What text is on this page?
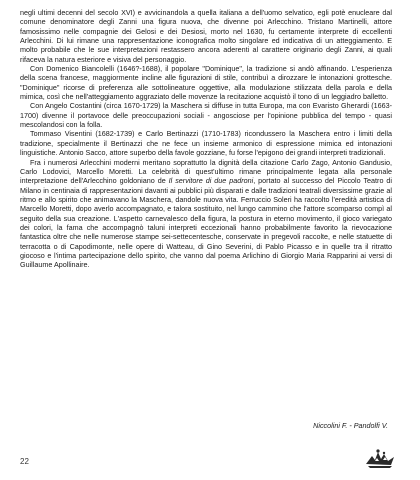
negli ultimi decenni del secolo XVI) e avvicinandola a quella italiana a dell'uomo selvatico, egli potè enucleare dal comune denominatore degli Zanni una figura nuova, che divenne poi Arlecchino. Tristano Martinelli, attore famosissimo nelle compagnie dei Gelosi e dei Desiosi, morto nel 1630, fu certamente interprete di eccellenti Arlecchini. Di lui rimane una rappresentazione iconografica molto singolare ed indicativa di un atteggiamento. E molto probabile che le sue interpretazioni restassero ancora aderenti al carattere originario degli Zanni, ai quali rifaceva la natura esteriore e visiva del personaggio.

Con Domenico Biancolelli (1646?-1688), il popolare "Dominique", la tradizione si andò affinando. L'esperienza della scena francese, maggiormente incline alle figurazioni di stile, contribuì a dirozzare le intonazioni grottesche. "Dominique" ricorse di preferenza alle sottolineature oggettive, alla modulazione stilizzata della parola e della mimica, così che nell'atteggiamento aggraziato delle movenze la recitazione acquistò il tono di un leggiadro balletto.

Con Angelo Costantini (circa 1670-1729) la Maschera si diffuse in tutta Europa, ma con Evaristo Gherardi (1663-1700) divenne il portavoce delle preoccupazioni sociali - angosciose per l'opinione pubblica del tempo - quasi mescolandosi con la folla.

Tommaso Visentini (1682-1739) e Carlo Bertinazzi (1710-1783) ricondussero la Maschera entro i limiti della tradizione, specialmente il Bertinazzi che ne fece un insieme armonico di espressione mimica ed intonazioni linguistiche. Antonio Sacco, attore superbo della favole gozziane, fu forse l'epigono dei grandi interpreti tradizionali.

Fra i numerosi Arlecchini moderni meritano soprattutto la dignità della citazione Carlo Zago, Antonio Gandusio, Carlo Lodovici, Marcello Moretti. La celebrità di quest'ultimo rimane principalmente legata alla personale interpretazione dell'Arlecchino goldoniano de Il servitore di due padroni, portato al successo del Piccolo Teatro di Milano in centinaia di rappresentazioni davanti ai pubblici più disparati e dalle tradizioni teatrali diversissime grazie al ritmo e allo spirito che animavano la Maschera, dandole nuova vita. Ferruccio Soleri ha raccolto l'eredità artistica di Marcello Moretti, dopo averlo accompagnato, e talora sostituito, nel lungo cammino che l'attore scomparso compì al seguito della sua creazione. L'aspetto carnevalesco della figura, la postura in eterno movimento, il gioco variegato dei colori, la fama che accompagnò taluni interpreti eccezionali hanno probabilmente favorito la rievocazione fantastica oltre che nelle numerose stampe sei-settecentesche, conservate in pregevoli raccolte, e nelle statuette di terracotta o di Capodimonte, nelle opere di Watteau, di Gino Severini, di Pablo Picasso e in quelle tra il ritratto giocoso e l'intima partecipazione dello spirito, che vanno dal poema Arlichino di Giorgio Maria Rapparini ai versi di Guillaume Apollinaire.

Niccolini F. - Pandolfi V.
22
